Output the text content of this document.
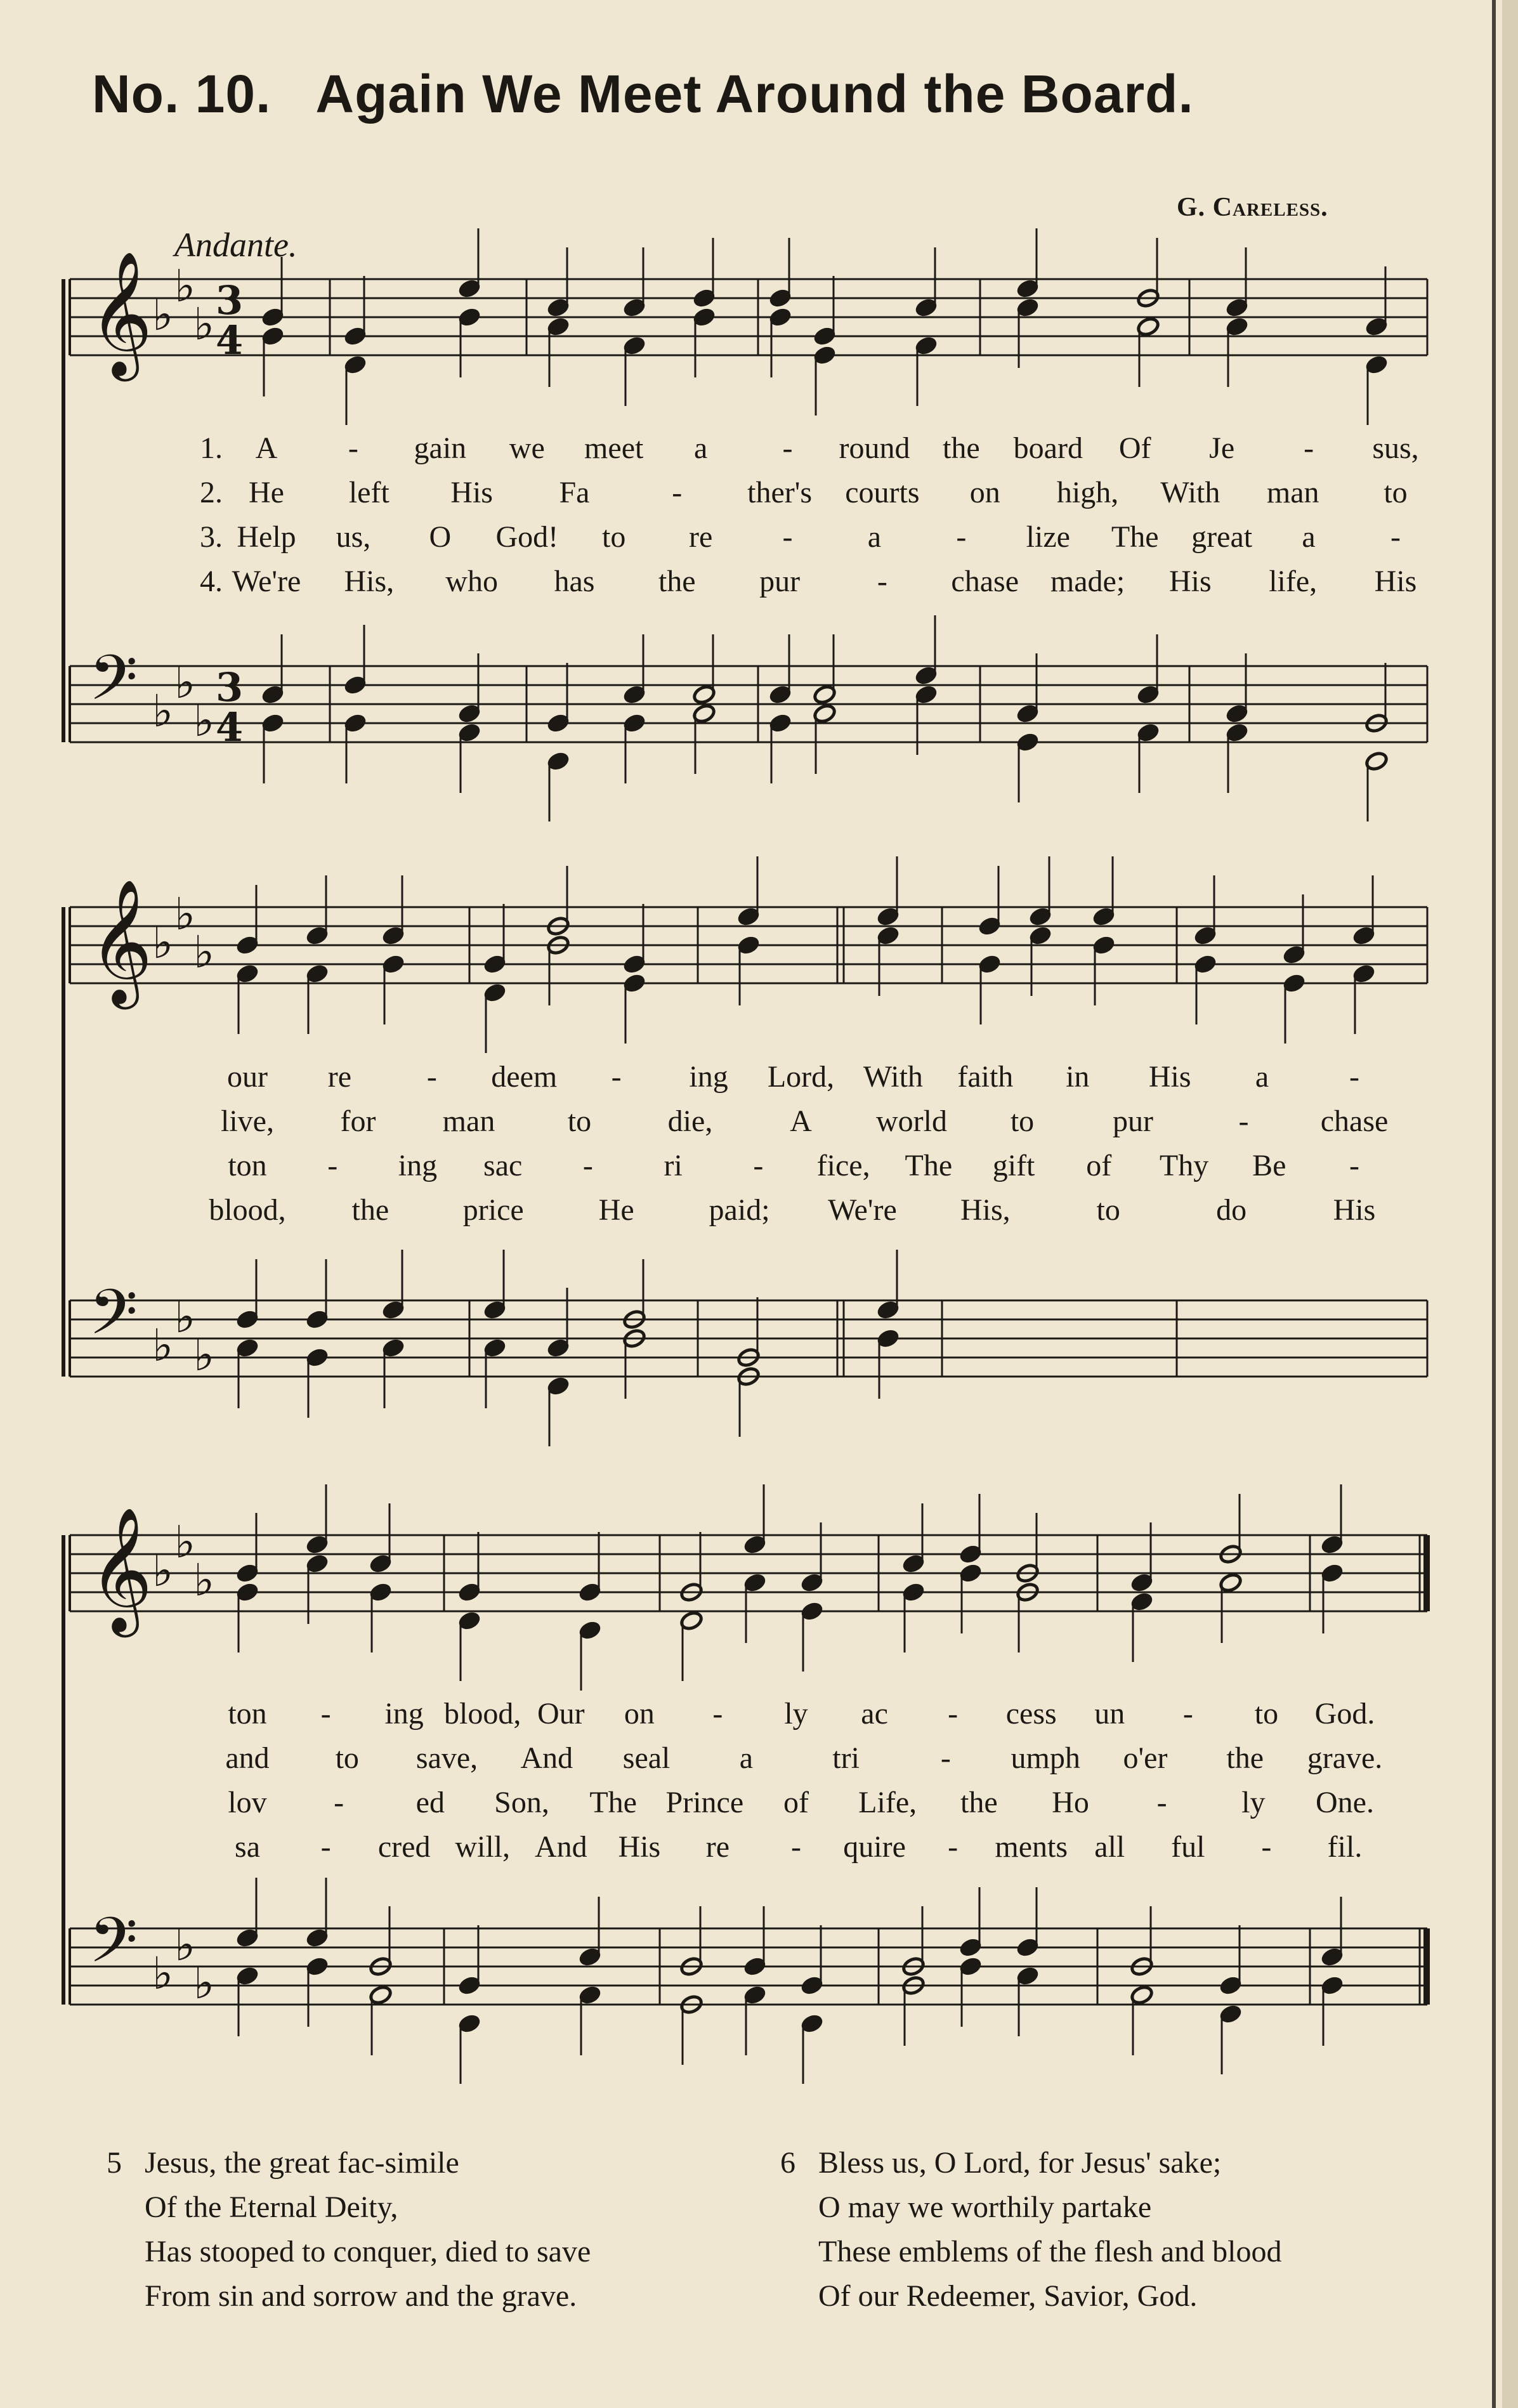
No. 10. Again We Meet Around the Board.
G. Careless.
Andante.
𝄞 ♭
♭
♭
𝄢 ♭
♭
♭
𝄞 ♭
♭
♭
𝄢 ♭
♭
♭
𝄞 ♭
♭
♭
𝄢 ♭
♭
♭
3
4
3
4
1.
2.
3.
4.
A - gain we meet a - round the board Of Je - sus,
He left His Fa	- ther's courts on high, With man to
Help us, O God! to re - a - lize The great a -
We're His, who has the pur	- chase made; His life, His
our re - deem - ing Lord, With faith in His a	-
live, for man to	die,	A world to	pur	- chase
ton - ing sac - ri - fice, The gift of Thy Be -
blood, the price He paid; We're His,	to	do	His
ton - ing blood, Our on - ly ac - cess un - to God.
and to save, And seal a	tri	- umph o'er the grave.
lov - ed Son, The Prince of Life, the Ho - ly One.
sa - cred will, And His re - quire - ments all ful - fil.
5 Jesus, the great fac-simile
Of the Eternal Deity,
Has stooped to conquer, died to save
From sin and sorrow and the grave.
6 Bless us, O Lord, for Jesus' sake;
O may we worthily partake
These emblems of the flesh and blood
Of our Redeemer, Savior, God.
